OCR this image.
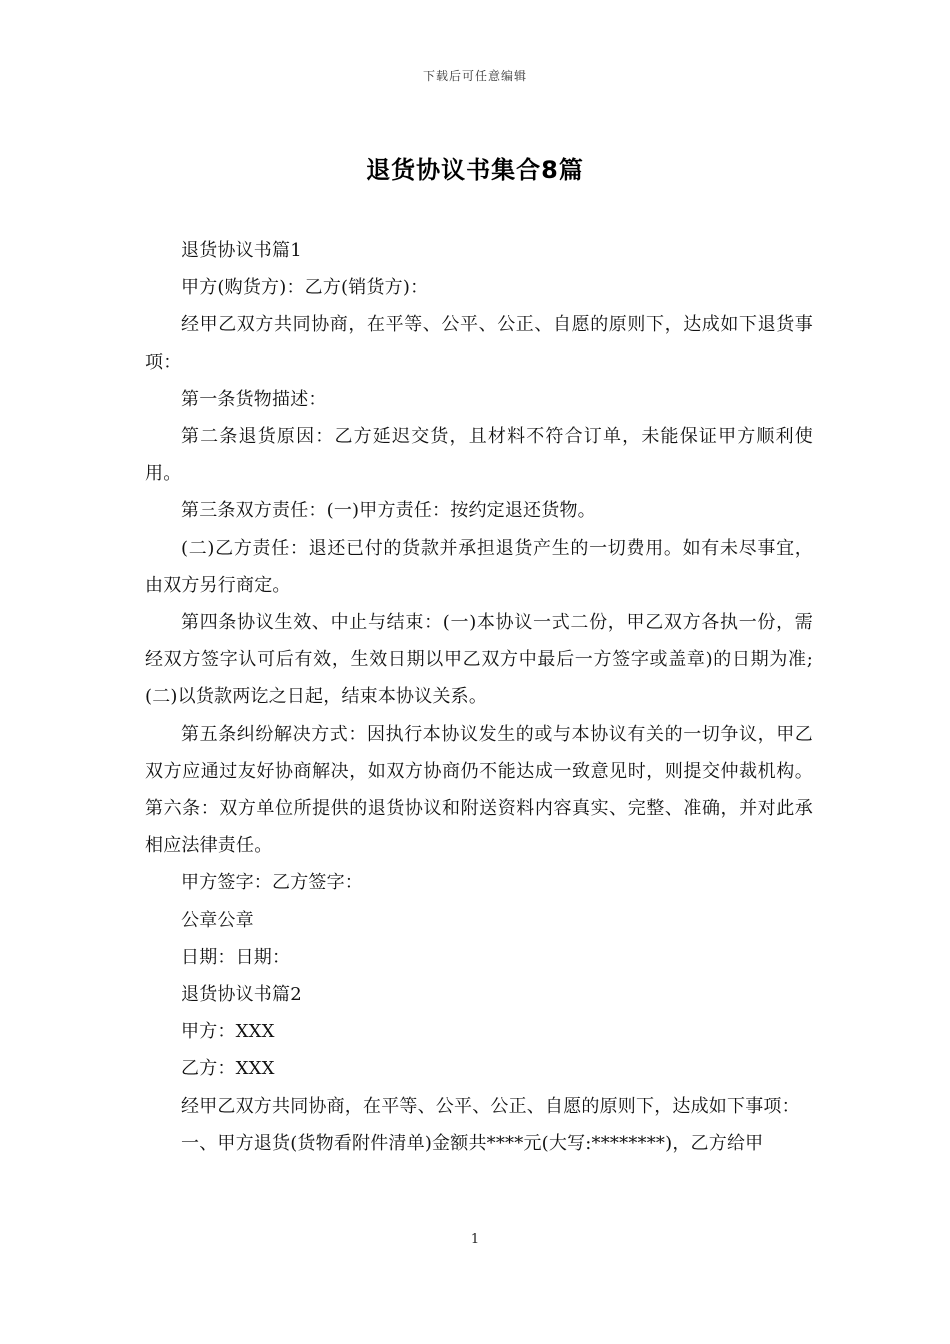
下载后可任意编辑
退货协议书集合8篇

退货协议书篇1

甲方(购货方)：乙方(销货方)：

经甲乙双方共同协商，在平等、公平、公正、自愿的原则下，达成如下退货事项：

第一条货物描述：

第二条退货原因：乙方延迟交货，且材料不符合订单，未能保证甲方顺利使用。

第三条双方责任：(一)甲方责任：按约定退还货物。

(二)乙方责任：退还已付的货款并承担退货产生的一切费用。如有未尽事宜，由双方另行商定。

第四条协议生效、中止与结束：(一)本协议一式二份，甲乙双方各执一份，需经双方签字认可后有效，生效日期以甲乙双方中最后一方签字或盖章)的日期为准;(二)以货款两讫之日起，结束本协议关系。

第五条纠纷解决方式：因执行本协议发生的或与本协议有关的一切争议，甲乙双方应通过友好协商解决，如双方协商仍不能达成一致意见时，则提交仲裁机构。第六条：双方单位所提供的退货协议和附送资料内容真实、完整、准确，并对此承相应法律责任。

甲方签字：乙方签字：

公章公章

日期：日期：

退货协议书篇2

甲方：XXX

乙方：XXX

经甲乙双方共同协商，在平等、公平、公正、自愿的原则下，达成如下事项：

一、甲方退货(货物看附件清单)金额共****元(大写:********)，乙方给甲

1
